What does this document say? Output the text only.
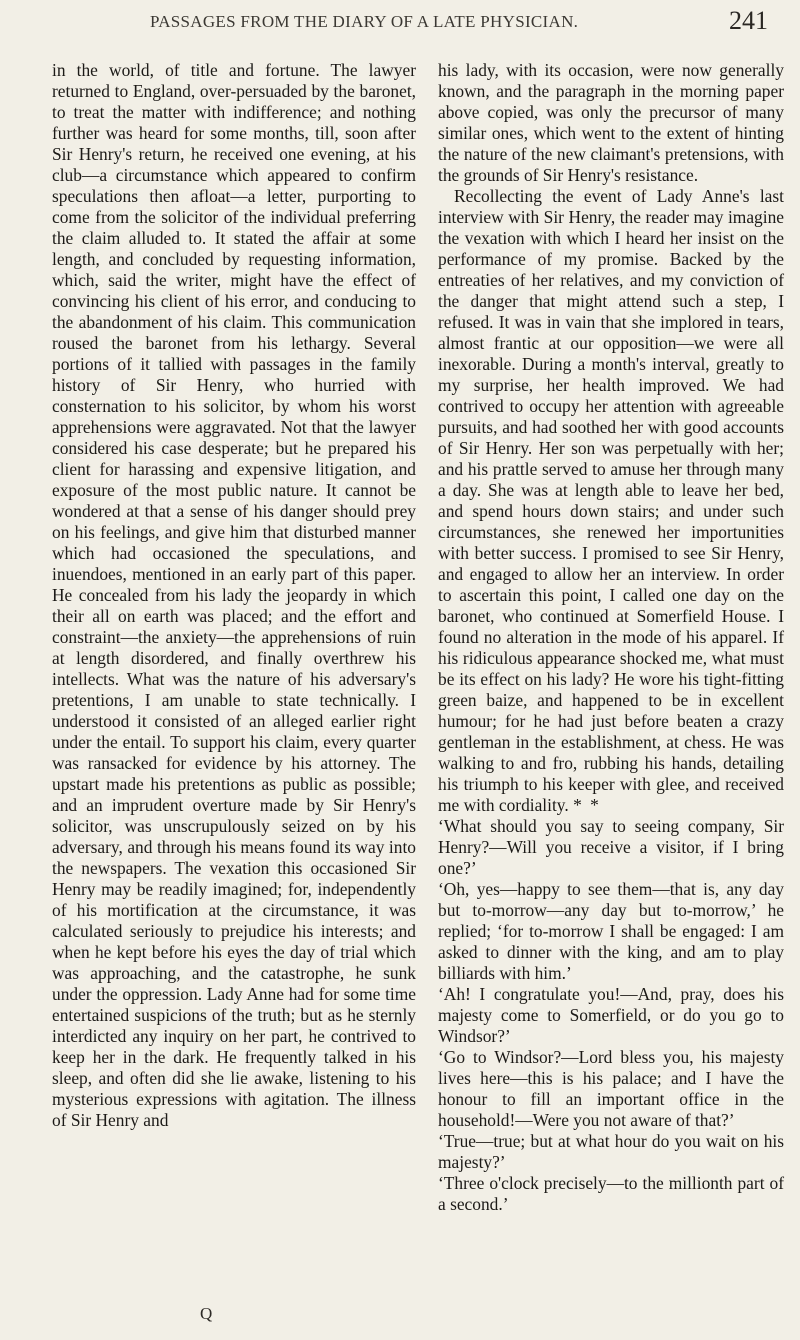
PASSAGES FROM THE DIARY OF A LATE PHYSICIAN.	241

in the world, of title and fortune. The lawyer returned to England, over-persuaded by the baronet, to treat the matter with indifference; and nothing further was heard for some months, till, soon after Sir Henry's return, he received one evening, at his club—a circumstance which appeared to confirm speculations then afloat—a letter, purporting to come from the solicitor of the individual preferring the claim alluded to. It stated the affair at some length, and concluded by requesting information, which, said the writer, might have the effect of convincing his client of his error, and conducing to the abandonment of his claim. This communication roused the baronet from his lethargy. Several portions of it tallied with passages in the family history of Sir Henry, who hurried with consternation to his solicitor, by whom his worst apprehensions were aggravated. Not that the lawyer considered his case desperate; but he prepared his client for harassing and expensive litigation, and exposure of the most public nature. It cannot be wondered at that a sense of his danger should prey on his feelings, and give him that disturbed manner which had occasioned the speculations, and inuendoes, mentioned in an early part of this paper. He concealed from his lady the jeopardy in which their all on earth was placed; and the effort and constraint—the anxiety—the apprehensions of ruin at length disordered, and finally overthrew his intellects. What was the nature of his adversary's pretentions, I am unable to state technically. I understood it consisted of an alleged earlier right under the entail. To support his claim, every quarter was ransacked for evidence by his attorney. The upstart made his pretentions as public as possible; and an imprudent overture made by Sir Henry's solicitor, was unscrupulously seized on by his adversary, and through his means found its way into the newspapers. The vexation this occasioned Sir Henry may be readily imagined; for, independently of his mortification at the circumstance, it was calculated seriously to prejudice his interests; and when he kept before his eyes the day of trial which was approaching, and the catastrophe, he sunk under the oppression. Lady Anne had for some time entertained suspicions of the truth; but as he sternly interdicted any inquiry on her part, he contrived to keep her in the dark. He frequently talked in his sleep, and often did she lie awake, listening to his mysterious expressions with agitation. The illness of Sir Henry and

his lady, with its occasion, were now generally known, and the paragraph in the morning paper above copied, was only the precursor of many similar ones, which went to the extent of hinting the nature of the new claimant's pretensions, with the grounds of Sir Henry's resistance.

Recollecting the event of Lady Anne's last interview with Sir Henry, the reader may imagine the vexation with which I heard her insist on the performance of my promise. Backed by the entreaties of her relatives, and my conviction of the danger that might attend such a step, I refused. It was in vain that she implored in tears, almost frantic at our opposition—we were all inexorable. During a month's interval, greatly to my surprise, her health improved. We had contrived to occupy her attention with agreeable pursuits, and had soothed her with good accounts of Sir Henry. Her son was perpetually with her; and his prattle served to amuse her through many a day. She was at length able to leave her bed, and spend hours down stairs; and under such circumstances, she renewed her importunities with better success. I promised to see Sir Henry, and engaged to allow her an interview. In order to ascertain this point, I called one day on the baronet, who continued at Somerfield House. I found no alteration in the mode of his apparel. If his ridiculous appearance shocked me, what must be its effect on his lady? He wore his tight-fitting green baize, and happened to be in excellent humour; for he had just before beaten a crazy gentleman in the establishment, at chess. He was walking to and fro, rubbing his hands, detailing his triumph to his keeper with glee, and received me with cordiality. * *

‘What should you say to seeing company, Sir Henry?—Will you receive a visitor, if I bring one?’

‘Oh, yes—happy to see them—that is, any day but to-morrow—any day but to-morrow,’ he replied; ‘for to-morrow I shall be engaged: I am asked to dinner with the king, and am to play billiards with him.’

‘Ah! I congratulate you!—And, pray, does his majesty come to Somerfield, or do you go to Windsor?’

‘Go to Windsor?—Lord bless you, his majesty lives here—this is his palace; and I have the honour to fill an important office in the household!—Were you not aware of that?’

‘True—true; but at what hour do you wait on his majesty?’

‘Three o'clock precisely—to the millionth part of a second.’

Q
